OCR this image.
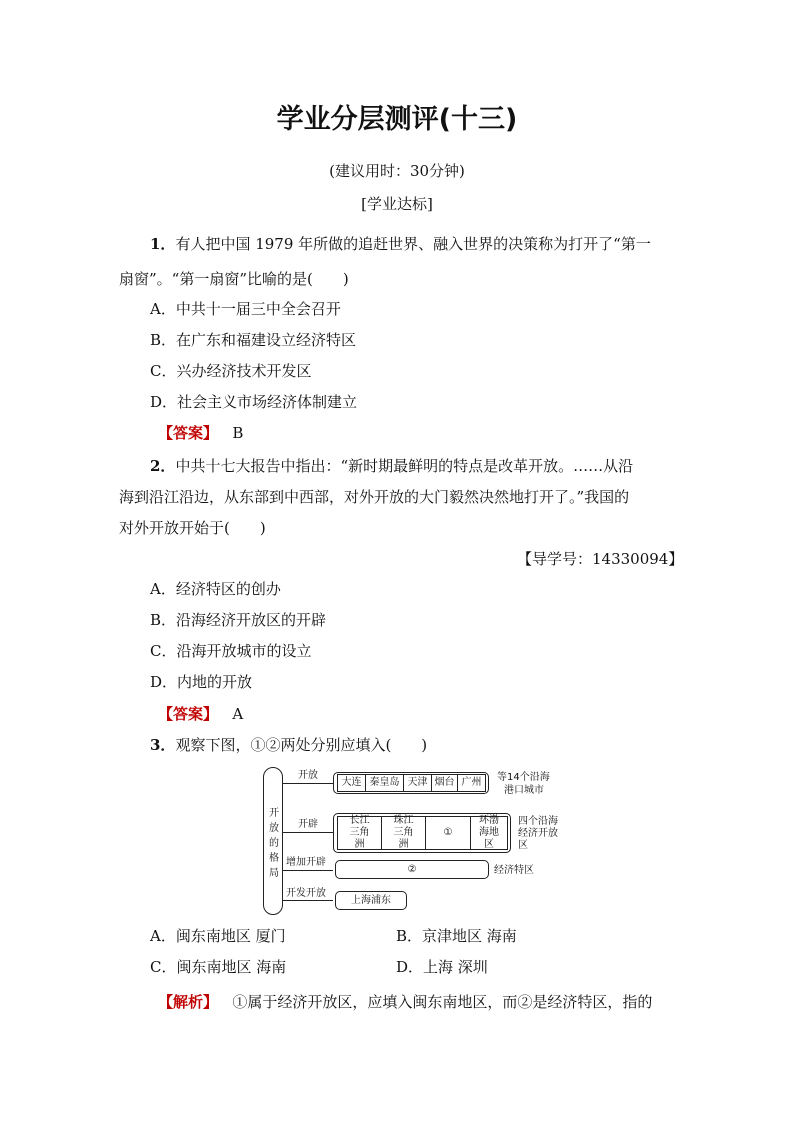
学业分层测评(十三)
(建议用时：30分钟)
[学业达标]
1．有人把中国 1979 年所做的追赶世界、融入世界的决策称为打开了“第一
扇窗”。“第一扇窗”比喻的是(　　)
A．中共十一届三中全会召开
B．在广东和福建设立经济特区
C．兴办经济技术开发区
D．社会主义市场经济体制建立
【答案】 B
2．中共十七大报告中指出：“新时期最鲜明的特点是改革开放。……从沿
海到沿江沿边，从东部到中西部，对外开放的大门毅然决然地打开了。”我国的
对外开放开始于(　　)
【导学号：14330094】
A．经济特区的创办
B．沿海经济开放区的开辟
C．沿海开放城市的设立
D．内地的开放
【答案】 A
3．观察下图，①②两处分别应填入(　　)
开
放
的
格
局
开放
大连 秦皇岛 天津 烟台 广州	等14个沿海
港口城市
开辟	长江三角洲
珠江三角洲
①
环渤海地区
四个沿海
经济开放
区
增加开辟
②	经济特区
开发开放
上海浦东
A．闽东南地区 厦门	B．京津地区 海南
C．闽东南地区 海南	D．上海 深圳
【解析】 ①属于经济开放区，应填入闽东南地区，而②是经济特区，指的
